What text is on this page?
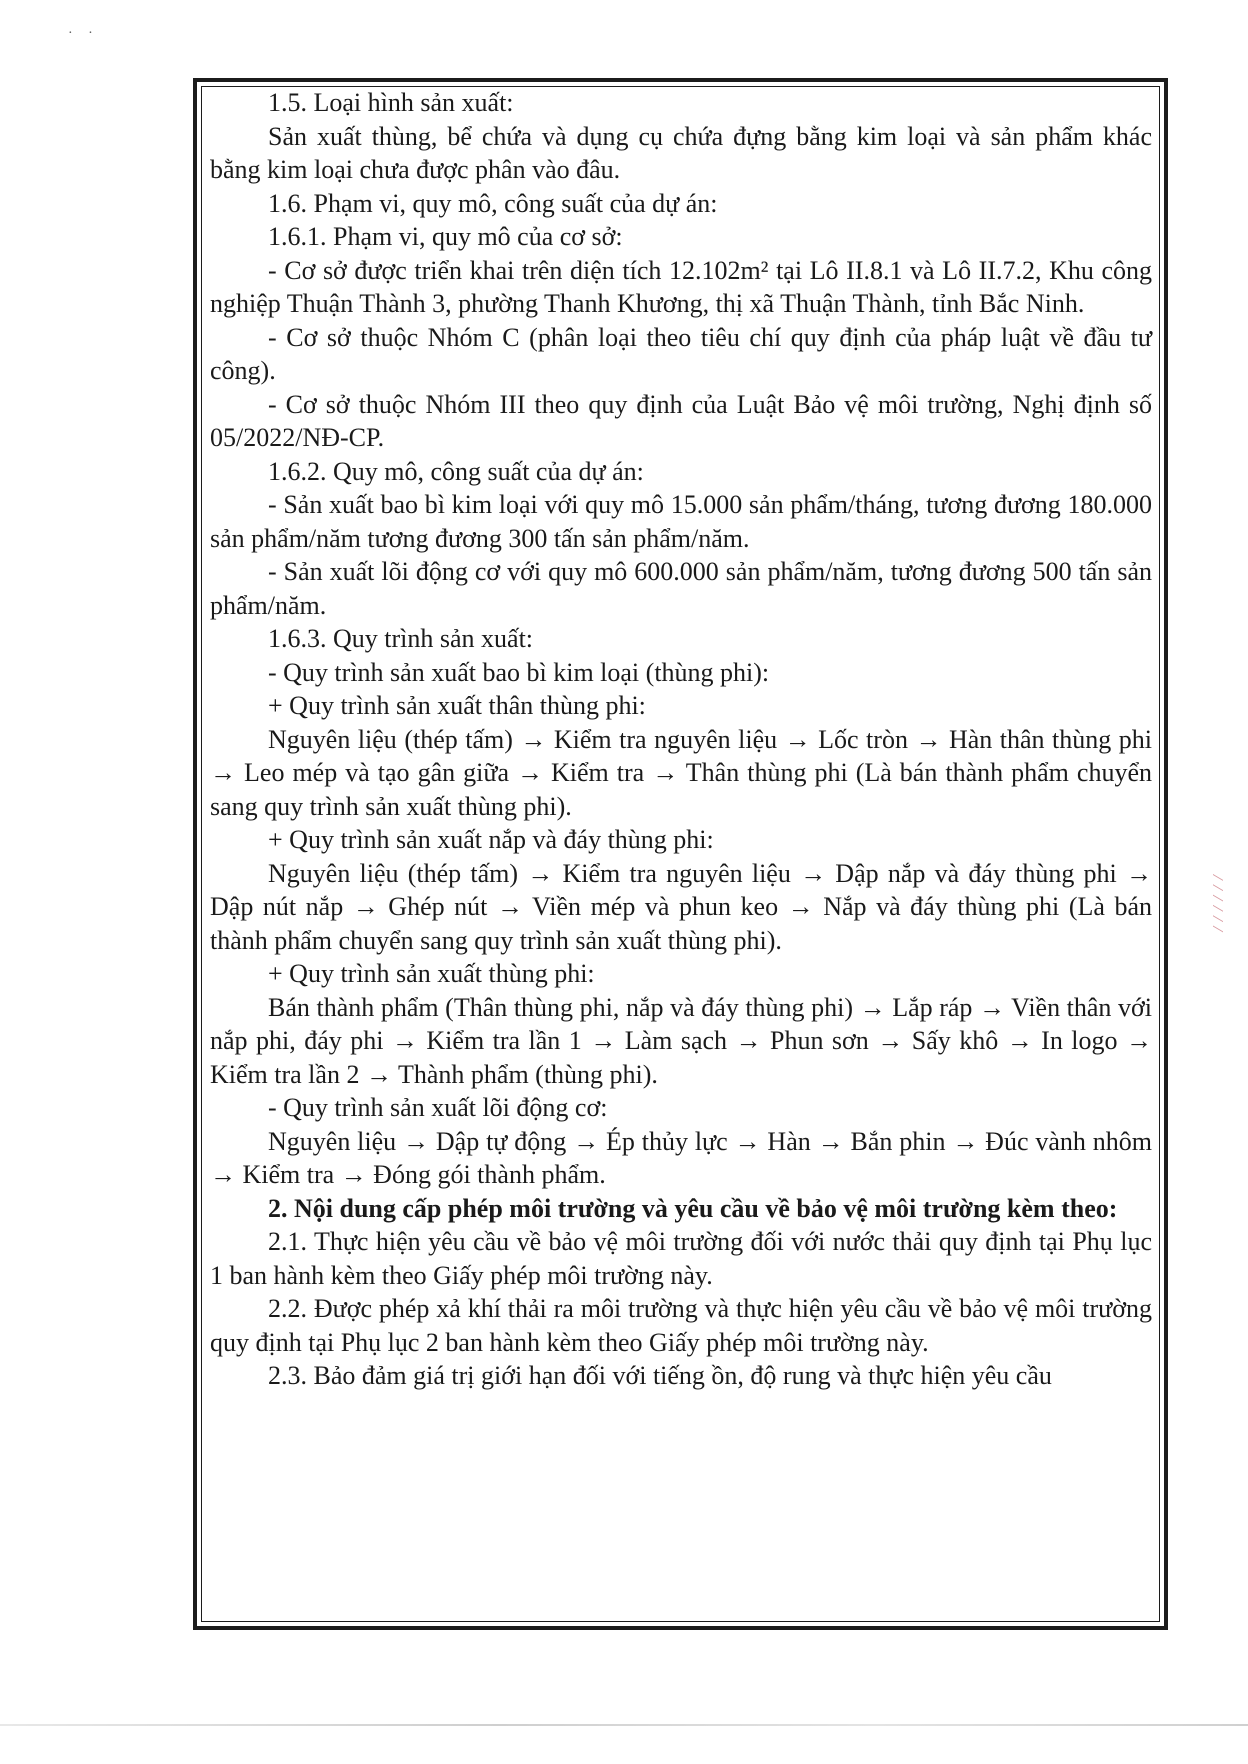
· ·

1.5. Loại hình sản xuất:

Sản xuất thùng, bể chứa và dụng cụ chứa đựng bằng kim loại và sản phẩm khác bằng kim loại chưa được phân vào đâu.

1.6. Phạm vi, quy mô, công suất của dự án:

1.6.1. Phạm vi, quy mô của cơ sở:

- Cơ sở được triển khai trên diện tích 12.102m² tại Lô II.8.1 và Lô II.7.2, Khu công nghiệp Thuận Thành 3, phường Thanh Khương, thị xã Thuận Thành, tỉnh Bắc Ninh.

- Cơ sở thuộc Nhóm C (phân loại theo tiêu chí quy định của pháp luật về đầu tư công).

- Cơ sở thuộc Nhóm III theo quy định của Luật Bảo vệ môi trường, Nghị định số 05/2022/NĐ-CP.

1.6.2. Quy mô, công suất của dự án:

- Sản xuất bao bì kim loại với quy mô 15.000 sản phẩm/tháng, tương đương 180.000 sản phẩm/năm tương đương 300 tấn sản phẩm/năm.

- Sản xuất lõi động cơ với quy mô 600.000 sản phẩm/năm, tương đương 500 tấn sản phẩm/năm.

1.6.3. Quy trình sản xuất:

- Quy trình sản xuất bao bì kim loại (thùng phi):

+ Quy trình sản xuất thân thùng phi:

Nguyên liệu (thép tấm) → Kiểm tra nguyên liệu → Lốc tròn → Hàn thân thùng phi → Leo mép và tạo gân giữa → Kiểm tra → Thân thùng phi (Là bán thành phẩm chuyển sang quy trình sản xuất thùng phi).

+ Quy trình sản xuất nắp và đáy thùng phi:

Nguyên liệu (thép tấm) → Kiểm tra nguyên liệu → Dập nắp và đáy thùng phi → Dập nút nắp → Ghép nút → Viền mép và phun keo → Nắp và đáy thùng phi (Là bán thành phẩm chuyển sang quy trình sản xuất thùng phi).

+ Quy trình sản xuất thùng phi:

Bán thành phẩm (Thân thùng phi, nắp và đáy thùng phi) → Lắp ráp → Viền thân với nắp phi, đáy phi → Kiểm tra lần 1 → Làm sạch → Phun sơn → Sấy khô → In logo → Kiểm tra lần 2 → Thành phẩm (thùng phi).

- Quy trình sản xuất lõi động cơ:

Nguyên liệu → Dập tự động → Ép thủy lực → Hàn → Bắn phin → Đúc vành nhôm → Kiểm tra → Đóng gói thành phẩm.

2. Nội dung cấp phép môi trường và yêu cầu về bảo vệ môi trường kèm theo:

2.1. Thực hiện yêu cầu về bảo vệ môi trường đối với nước thải quy định tại Phụ lục 1 ban hành kèm theo Giấy phép môi trường này.

2.2. Được phép xả khí thải ra môi trường và thực hiện yêu cầu về bảo vệ môi trường quy định tại Phụ lục 2 ban hành kèm theo Giấy phép môi trường này.

2.3. Bảo đảm giá trị giới hạn đối với tiếng ồn, độ rung và thực hiện yêu cầu

⁄ ⁄ ⁄ ⁄ ⁄ ⁄
